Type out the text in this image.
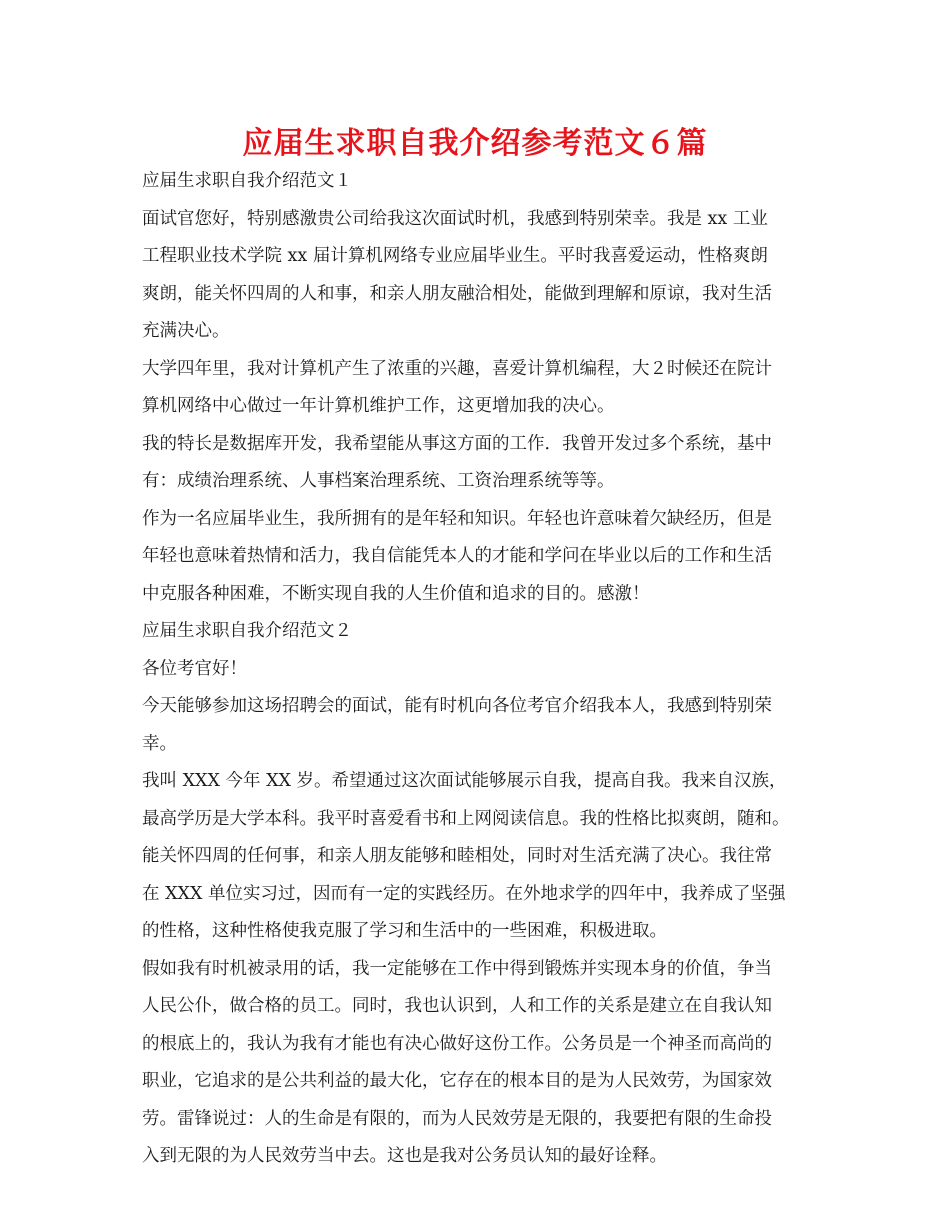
应届生求职自我介绍参考范文６篇
应届生求职自我介绍范文１
面试官您好，特别感激贵公司给我这次面试时机，我感到特别荣幸。我是 xx 工业
工程职业技术学院 xx 届计算机网络专业应届毕业生。平时我喜爱运动，性格爽朗
爽朗，能关怀四周的人和事，和亲人朋友融洽相处，能做到理解和原谅，我对生活
充满决心。
大学四年里，我对计算机产生了浓重的兴趣，喜爱计算机编程，大２时候还在院计
算机网络中心做过一年计算机维护工作，这更增加我的决心。
我的特长是数据库开发，我希望能从事这方面的工作．我曾开发过多个系统，基中
有：成绩治理系统、人事档案治理系统、工资治理系统等等。
作为一名应届毕业生，我所拥有的是年轻和知识。年轻也许意味着欠缺经历，但是
年轻也意味着热情和活力，我自信能凭本人的才能和学问在毕业以后的工作和生活
中克服各种困难，不断实现自我的人生价值和追求的目的。感激！
应届生求职自我介绍范文２
各位考官好！
今天能够参加这场招聘会的面试，能有时机向各位考官介绍我本人，我感到特别荣
幸。
我叫 XXX 今年 XX 岁。希望通过这次面试能够展示自我，提高自我。我来自汉族，
最高学历是大学本科。我平时喜爱看书和上网阅读信息。我的性格比拟爽朗，随和。
能关怀四周的任何事，和亲人朋友能够和睦相处，同时对生活充满了决心。我往常
在 XXX 单位实习过，因而有一定的实践经历。在外地求学的四年中，我养成了坚强
的性格，这种性格使我克服了学习和生活中的一些困难，积极进取。
假如我有时机被录用的话，我一定能够在工作中得到锻炼并实现本身的价值，争当
人民公仆，做合格的员工。同时，我也认识到，人和工作的关系是建立在自我认知
的根底上的，我认为我有才能也有决心做好这份工作。公务员是一个神圣而高尚的
职业，它追求的是公共利益的最大化，它存在的根本目的是为人民效劳，为国家效
劳。雷锋说过：人的生命是有限的，而为人民效劳是无限的，我要把有限的生命投
入到无限的为人民效劳当中去。这也是我对公务员认知的最好诠释。
